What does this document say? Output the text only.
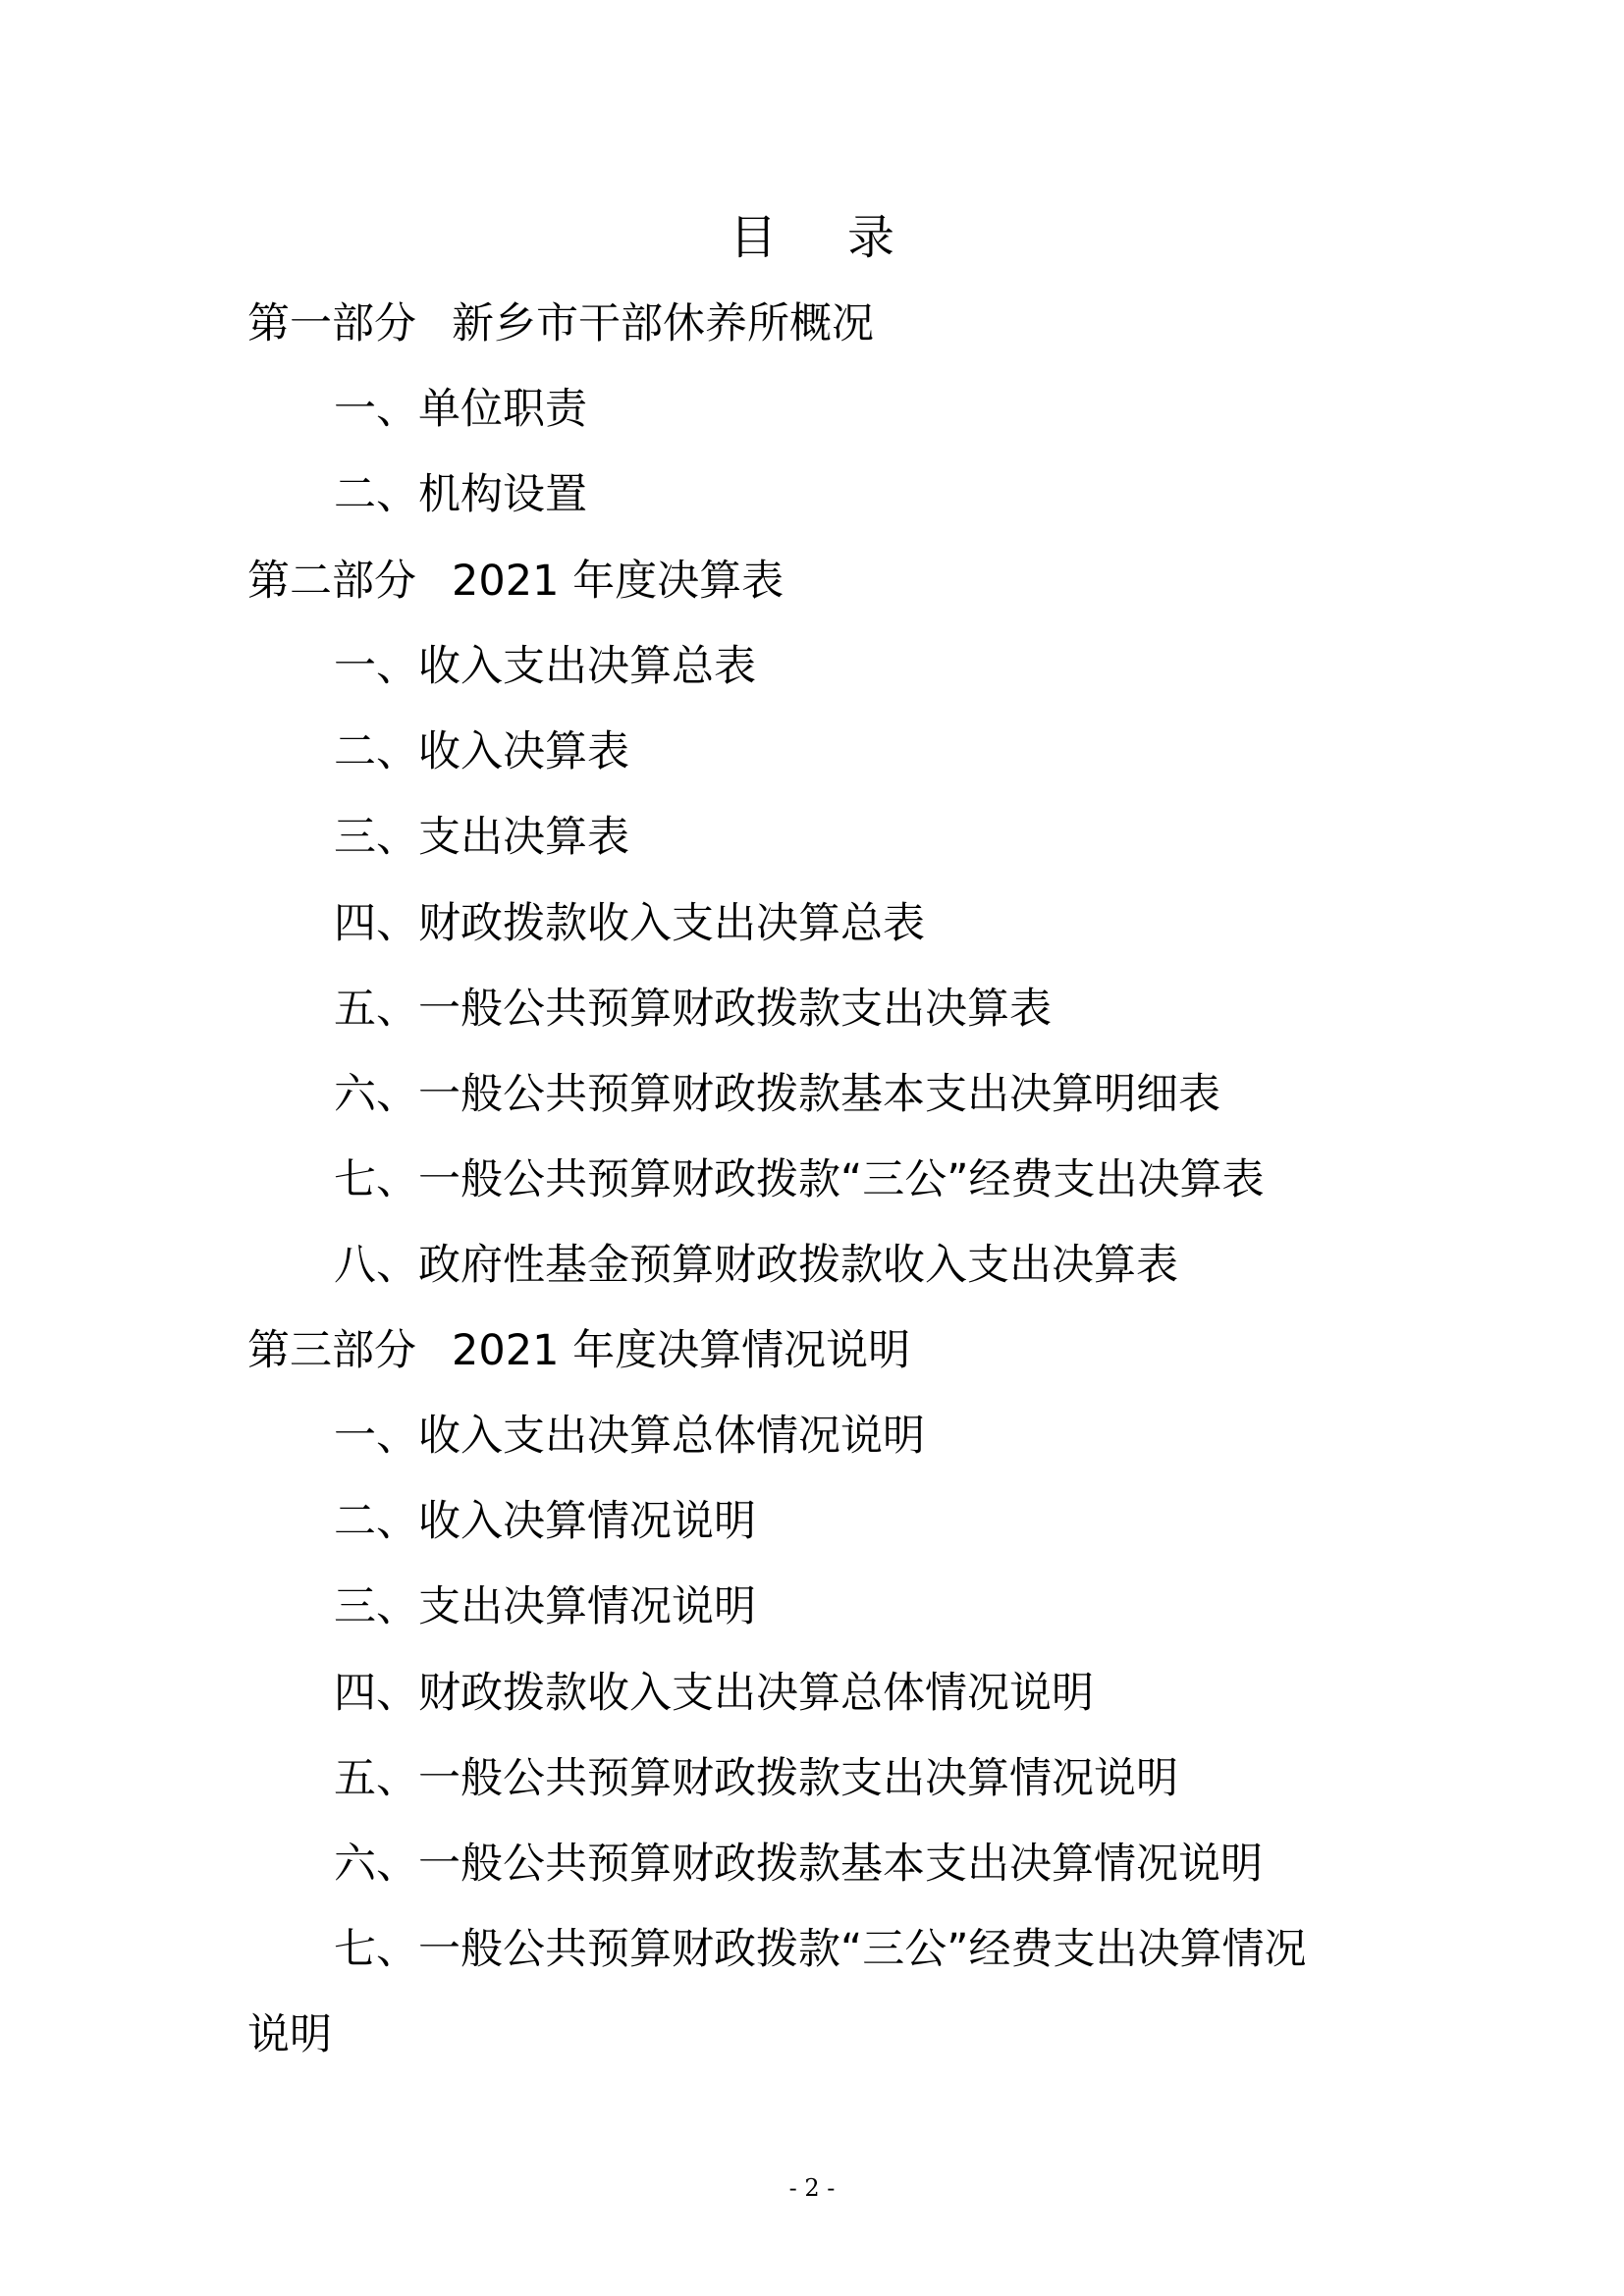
目录
第一部分 新乡市干部休养所概况
一、单位职责
二、机构设置
第二部分 2021 年度决算表
一、收入支出决算总表
二、收入决算表
三、支出决算表
四、财政拨款收入支出决算总表
五、一般公共预算财政拨款支出决算表
六、一般公共预算财政拨款基本支出决算明细表
七、一般公共预算财政拨款“三公”经费支出决算表
八、政府性基金预算财政拨款收入支出决算表
第三部分 2021 年度决算情况说明
一、收入支出决算总体情况说明
二、收入决算情况说明
三、支出决算情况说明
四、财政拨款收入支出决算总体情况说明
五、一般公共预算财政拨款支出决算情况说明
六、一般公共预算财政拨款基本支出决算情况说明
七、一般公共预算财政拨款“三公”经费支出决算情况
说明
- 2 -
